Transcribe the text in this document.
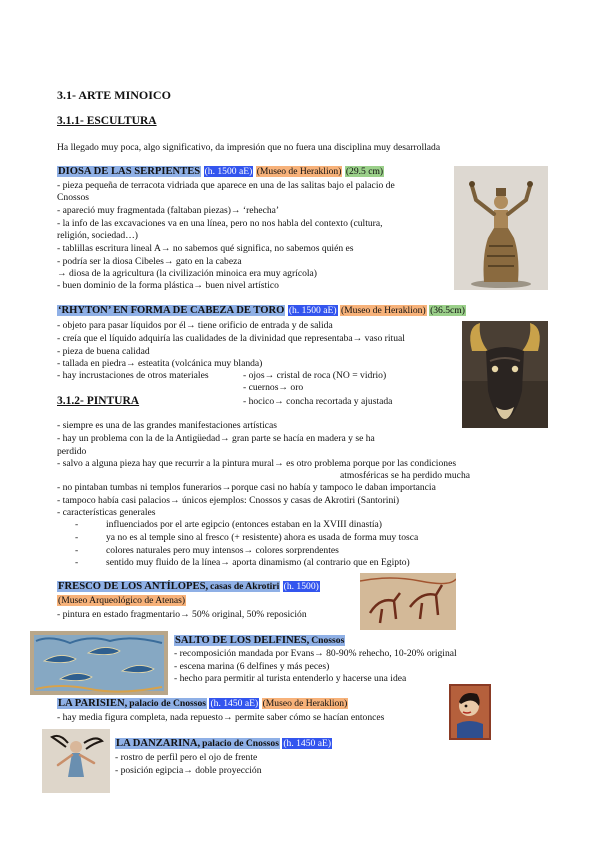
3.1- ARTE MINOICO
3.1.1- ESCULTURA
Ha llegado muy poca, algo significativo, da impresión que no fuera una disciplina muy desarrollada
DIOSA DE LAS SERPIENTES (h. 1500 aE) (Museo de Heraklion) (29.5 cm)
- pieza pequeña de terracota vidriada que aparece en una de las salitas bajo el palacio de
Cnossos
- apareció muy fragmentada (faltaban piezas)→ ‘rehecha’
- la info de las excavaciones va en una línea, pero no nos habla del contexto (cultura,
religión, sociedad…)
- tablillas escritura lineal A→ no sabemos qué significa, no sabemos quién es
- podría ser la diosa Cibeles→ gato en la cabeza
→ diosa de la agricultura (la civilización minoica era muy agrícola)
- buen dominio de la forma plástica→ buen nivel artístico
‘RHYTON’ EN FORMA DE CABEZA DE TORO (h. 1500 aE) (Museo de Heraklion) (36.5cm)
- objeto para pasar líquidos por él→ tiene orificio de entrada y de salida
- creía que el líquido adquiría las cualidades de la divinidad que representaba→ vaso ritual
- pieza de buena calidad
- tallada en piedra→ esteatita (volcánica muy blanda)
- hay incrustaciones de otros materiales	- ojos→ cristal de roca (NO = vidrio)
- cuernos→ oro
- hocico→ concha recortada y ajustada
3.1.2- PINTURA
- siempre es una de las grandes manifestaciones artísticas
- hay un problema con la de la Antigüedad→ gran parte se hacía en madera y se ha
perdido
- salvo a alguna pieza hay que recurrir a la pintura mural→ es otro problema porque por las condiciones
atmosféricas se ha perdido mucha
- no pintaban tumbas ni templos funerarios→porque casi no había y tampoco le daban importancia
- tampoco había casi palacios→ únicos ejemplos: Cnossos y casas de Akrotiri (Santorini)
- características generales
-	influenciados por el arte egipcio (entonces estaban en la XVIII dinastía)
-	ya no es al temple sino al fresco (+ resistente) ahora es usada de forma muy tosca
-	colores naturales pero muy intensos→ colores sorprendentes
-	sentido muy fluido de la línea→ aporta dinamismo (al contrario que en Egipto)
FRESCO DE LOS ANTÍLOPES, casas de Akrotiri (h. 1500)
(Museo Arqueológico de Atenas)
- pintura en estado fragmentario→ 50% original, 50% reposición
SALTO DE LOS DELFINES, Cnossos
- recomposición mandada por Evans→ 80-90% rehecho, 10-20% original
- escena marina (6 delfines y más peces)
- hecho para permitir al turista entenderlo y hacerse una idea
LA PARISIEN, palacio de Cnossos (h. 1450 aE) (Museo de Heraklion)
- hay media figura completa, nada repuesto→ permite saber cómo se hacían entonces
LA DANZARINA, palacio de Cnossos (h. 1450 aE)
- rostro de perfil pero el ojo de frente
- posición egipcia→ doble proyección
